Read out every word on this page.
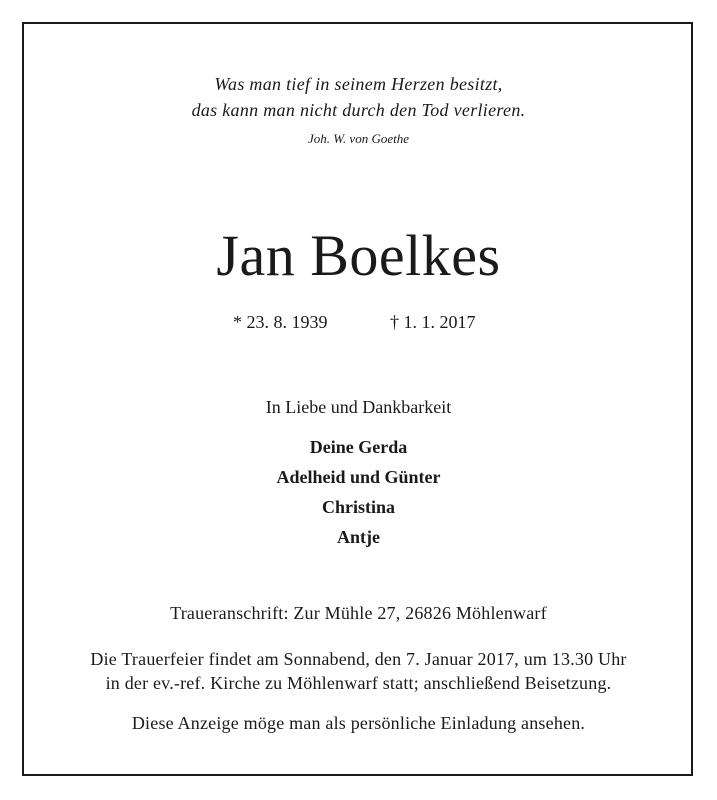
Was man tief in seinem Herzen besitzt,
das kann man nicht durch den Tod verlieren.
Joh. W. von Goethe
Jan Boelkes
* 23. 8. 1939	† 1. 1. 2017
In Liebe und Dankbarkeit
Deine Gerda
Adelheid und Günter
Christina
Antje
Traueranschrift: Zur Mühle 27, 26826 Möhlenwarf
Die Trauerfeier findet am Sonnabend, den 7. Januar 2017, um 13.30 Uhr
in der ev.-ref. Kirche zu Möhlenwarf statt; anschließend Beisetzung.
Diese Anzeige möge man als persönliche Einladung ansehen.
